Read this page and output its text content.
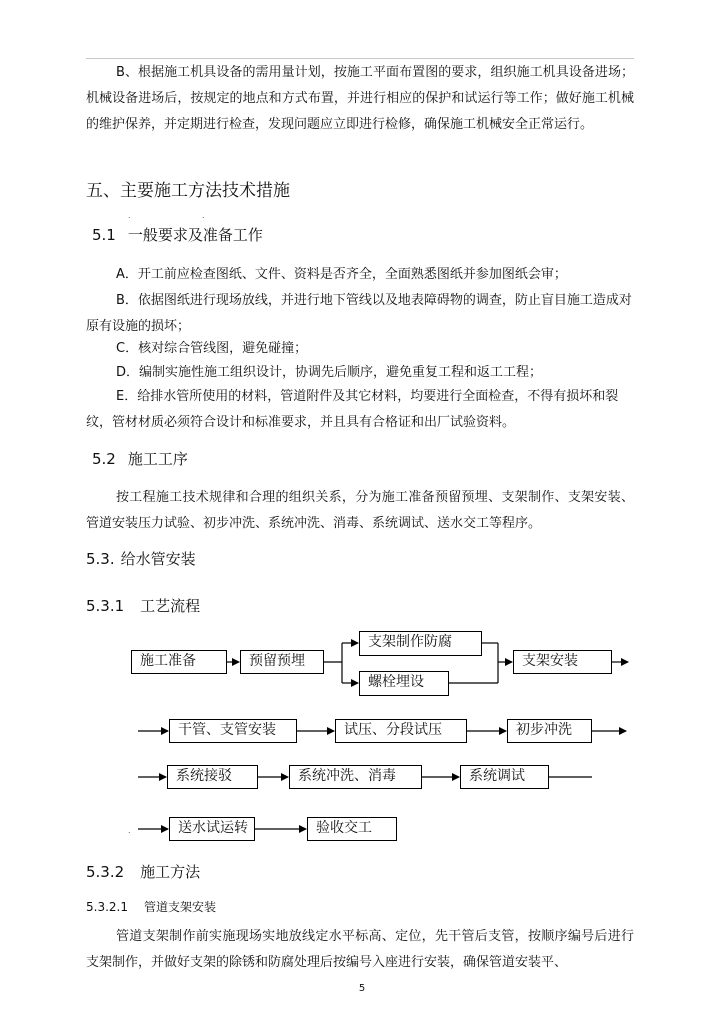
B、根据施工机具设备的需用量计划，按施工平面布置图的要求，组织施工机具设备进场；机械设备进场后，按规定的地点和方式布置，并进行相应的保护和试运行等工作；做好施工机械的维护保养，并定期进行检查，发现问题应立即进行检修，确保施工机械安全正常运行。

五、主要施工方法技术措施
.	.
5.1 一般要求及准备工作

A．开工前应检查图纸、文件、资料是否齐全，全面熟悉图纸并参加图纸会审；

B．依据图纸进行现场放线，并进行地下管线以及地表障碍物的调查，防止盲目施工造成对原有设施的损坏；

C．核对综合管线图，避免碰撞；

D．编制实施性施工组织设计，协调先后顺序，避免重复工程和返工工程；

E．给排水管所使用的材料，管道附件及其它材料，均要进行全面检查，不得有损坏和裂纹，管材材质必须符合设计和标准要求，并且具有合格证和出厂试验资料。

5.2 施工工序

按工程施工技术规律和合理的组织关系，分为施工准备预留预埋、支架制作、支架安装、管道安装压力试验、初步冲洗、系统冲洗、消毒、系统调试、送水交工等程序。

5.3. 给水管安装
5.3.1 工艺流程
施工准备	预留预埋
支架制作防腐
螺栓埋设
支架安装
干管、支管安装	试压、分段试压	初步冲洗
系统接驳	系统冲洗、消毒	系统调试
.	送水试运转	验收交工
5.3.2 施工方法
5.3.2.1 管道支架安装

管道支架制作前实施现场实地放线定水平标高、定位，先干管后支管，按顺序编号后进行支架制作，并做好支架的除锈和防腐处理后按编号入座进行安装，确保管道安装平、

5
